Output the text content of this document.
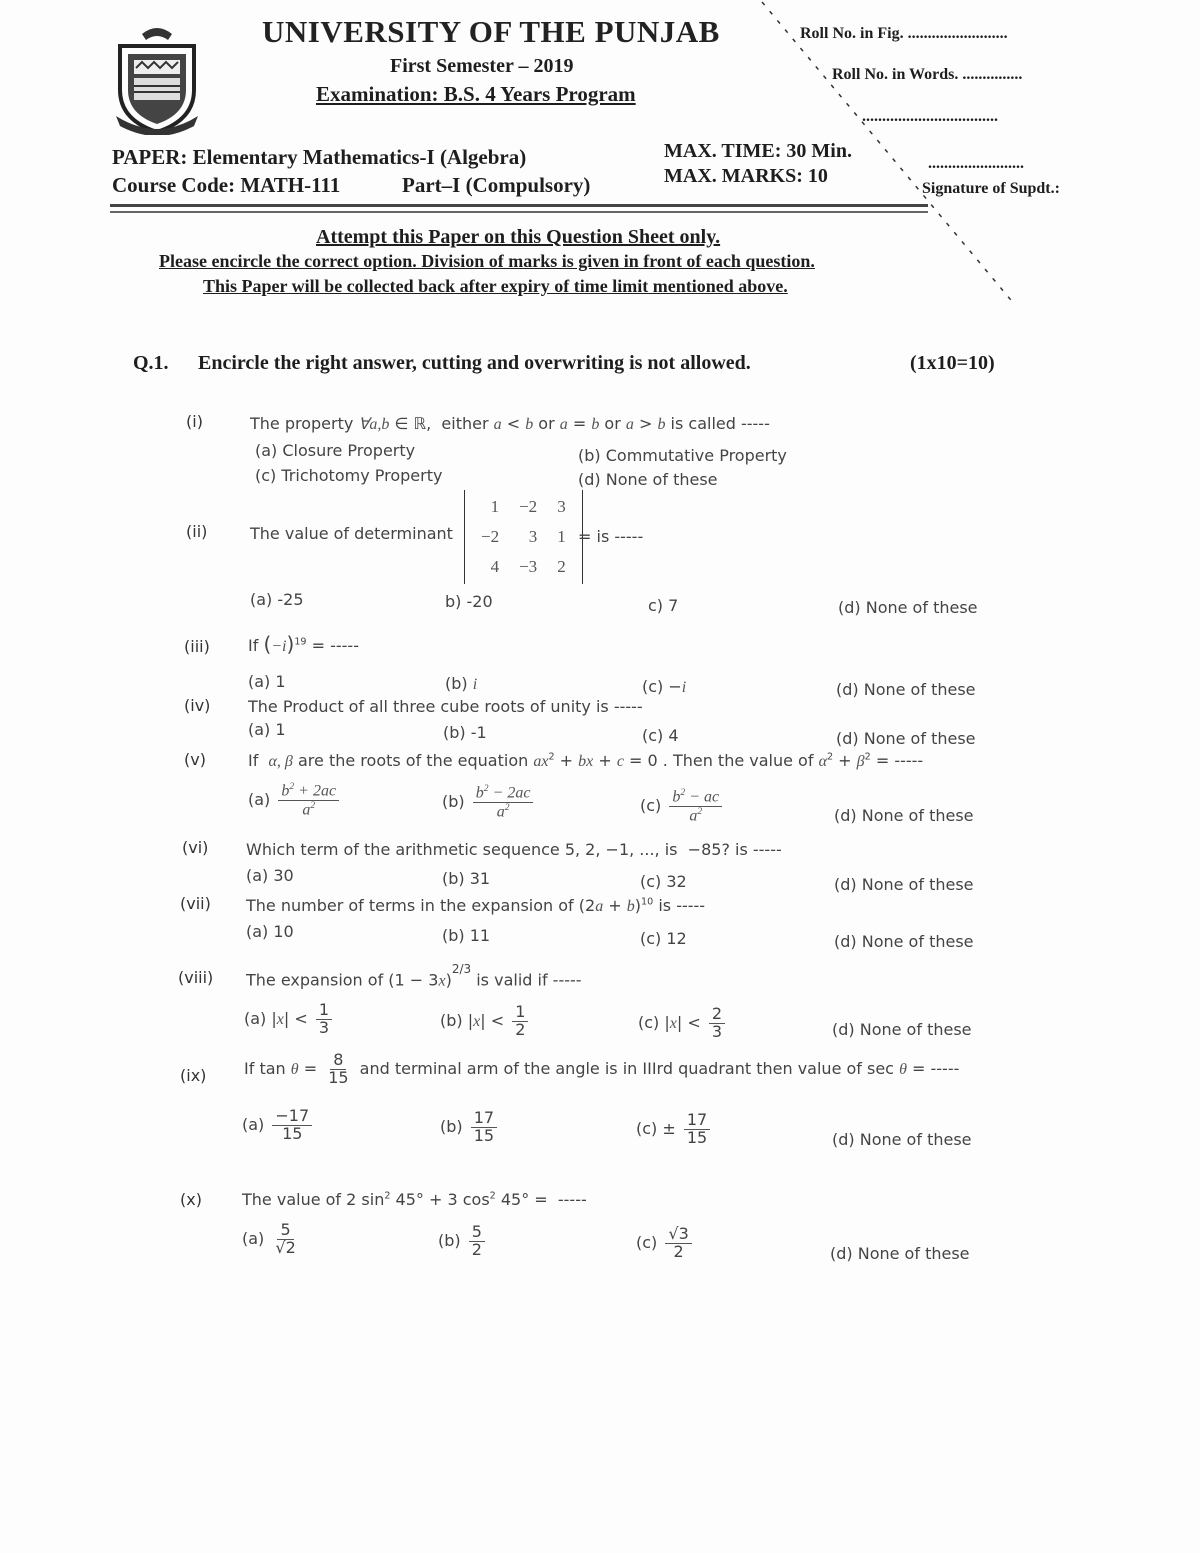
UNIVERSITY OF THE PUNJAB
First Semester – 2019
Examination: B.S. 4 Years Program
Roll No. in Fig. .........................
Roll No. in Words. ...............
..................................
MAX. TIME: 30 Min.
MAX. MARKS: 10
........................
Signature of Supdt.:
PAPER: Elementary Mathematics-I (Algebra)
Course Code: MATH-111	Part–I (Compulsory)
Attempt this Paper on this Question Sheet only.
Please encircle the correct option. Division of marks is given in front of each question.
This Paper will be collected back after expiry of time limit mentioned above.
Q.1. Encircle the right answer, cutting and overwriting is not allowed.	(1x10=10)
(i)	The property ∀a,b ∈ ℝ,  either a < b or a = b or a > b is called -----
(a) Closure Property	(b) Commutative Property
(c) Trichotomy Property	(d) None of these
(ii)	The value of determinant
1	−2	3
−2	3	1
4	−3	2
= is -----
(a) -25	b) -20	c) 7	(d) None of these
(iii) If $(-i)^{19}$ = -----
(a) 1	(b) i	(c) −i	(d) None of these
(iv) The Product of all three cube roots of unity is -----
(a) 1	(b) -1	(c) 4	(d) None of these
(v)	If  α, β are the roots of the equation $ax^2$ + bx + c = 0 . Then the value of $\alpha^2 + \beta^2$ = -----
$(a) \frac{b^2 + 2ac}{a^2}$	$(b) \frac{b^2 - 2ac}{a^2}$	$(c) \frac{b^2 - ac}{a^2}$	(d) None of these
(vi) Which term of the arithmetic sequence 5, 2, −1, ..., is  −85? is -----
(a) 30	(b) 31	(c) 32	(d) None of these
(vii) The number of terms in the expansion of $(2a + b)^{10}$ is -----
(a) 10	(b) 11	(c) 12	(d) None of these
(viii) The expansion of $(1 - 3x)^{2/3}$ is valid if -----
(a) $|x| < \frac{1}{3}$	(b) $|x| < \frac{1}{2}$	(c) $|x| < \frac{2}{3}$	(d) None of these
(ix) If $\tan \theta = \frac{8}{15}$ and terminal arm of the angle is in IIIrd quadrant then value of sec θ = -----
$(a) \frac{-17}{15}$	$(b) \frac{17}{15}$	$(c) \pm \frac{17}{15}$	(d) None of these
(x)	The value of 2 $\sin^2 45^\circ + 3$ $\cos^2 45^\circ$ =  -----
$(a) \frac{5}{√2}$	$(b) \frac{5}{2}$	$(c) \frac{√3}{2}$	(d) None of these
